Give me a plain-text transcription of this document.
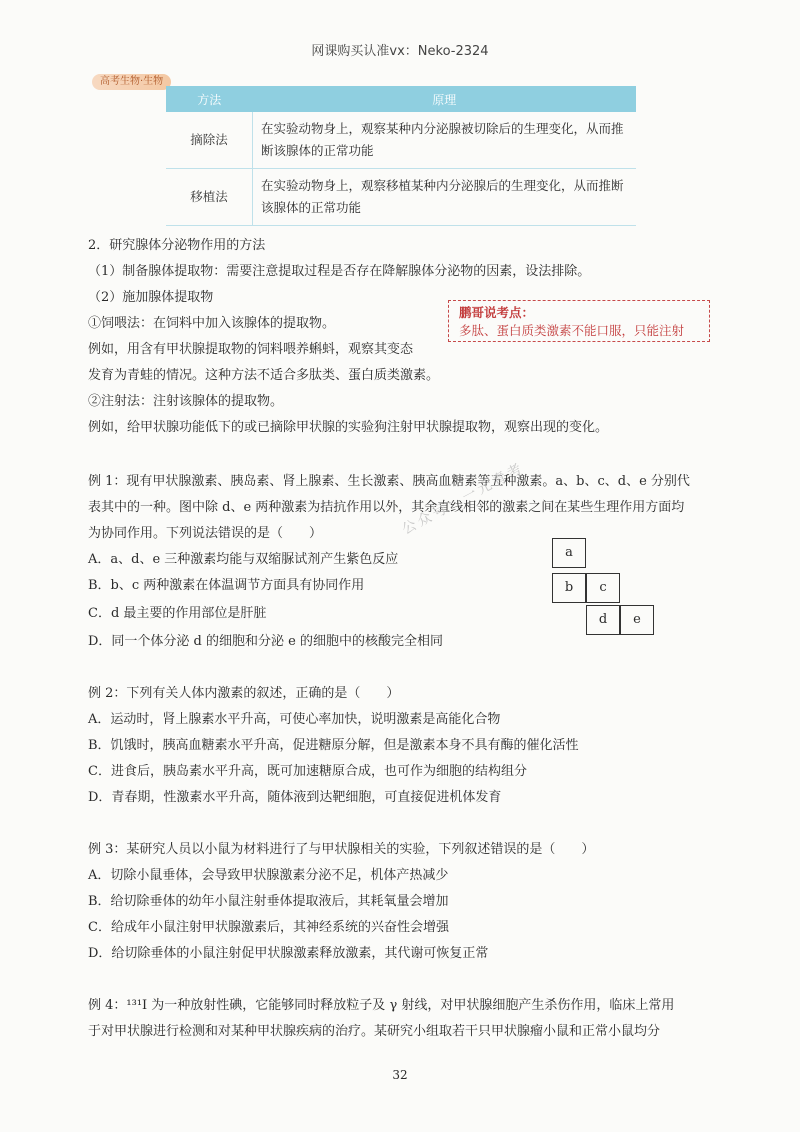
网课购买认准vx：Neko-2324
高考生物·生物
方法	原理
摘除法	在实验动物身上，观察某种内分泌腺被切除后的生理变化，从而推断该腺体的正常功能
移植法	在实验动物身上，观察移植某种内分泌腺后的生理变化，从而推断该腺体的正常功能
2．研究腺体分泌物作用的方法
（1）制备腺体提取物：需要注意提取过程是否存在降解腺体分泌物的因素，设法排除。
（2）施加腺体提取物
①饲喂法：在饲料中加入该腺体的提取物。
例如，用含有甲状腺提取物的饲料喂养蝌蚪，观察其变态
发育为青蛙的情况。这种方法不适合多肽类、蛋白质类激素。
②注射法：注射该腺体的提取物。
例如，给甲状腺功能低下的或已摘除甲状腺的实验狗注射甲状腺提取物，观察出现的变化。
鹏哥说考点：
多肽、蛋白质类激素不能口服，只能注射
例 1：现有甲状腺激素、胰岛素、肾上腺素、生长激素、胰高血糖素等五种激素。a、b、c、d、e 分别代
表其中的一种。图中除 d、e 两种激素为拮抗作用以外，其余直线相邻的激素之间在某些生理作用方面均
为协同作用。下列说法错误的是（　　）
A．a、d、e 三种激素均能与双缩脲试剂产生紫色反应
B．b、c 两种激素在体温调节方面具有协同作用
C．d 最主要的作用部位是肝脏
D．同一个体分泌 d 的细胞和分泌 e 的细胞中的核酸完全相同
a
b	c
d	e
公众号：一元青考
例 2：下列有关人体内激素的叙述，正确的是（　　）
A．运动时，肾上腺素水平升高，可使心率加快，说明激素是高能化合物
B．饥饿时，胰高血糖素水平升高，促进糖原分解，但是激素本身不具有酶的催化活性
C．进食后，胰岛素水平升高，既可加速糖原合成，也可作为细胞的结构组分
D．青春期，性激素水平升高，随体液到达靶细胞，可直接促进机体发育
例 3：某研究人员以小鼠为材料进行了与甲状腺相关的实验，下列叙述错误的是（　　）
A．切除小鼠垂体，会导致甲状腺激素分泌不足，机体产热减少
B．给切除垂体的幼年小鼠注射垂体提取液后，其耗氧量会增加
C．给成年小鼠注射甲状腺激素后，其神经系统的兴奋性会增强
D．给切除垂体的小鼠注射促甲状腺激素释放激素，其代谢可恢复正常
例 4：¹³¹I 为一种放射性碘，它能够同时释放粒子及 γ 射线，对甲状腺细胞产生杀伤作用，临床上常用
于对甲状腺进行检测和对某种甲状腺疾病的治疗。某研究小组取若干只甲状腺瘤小鼠和正常小鼠均分
32
